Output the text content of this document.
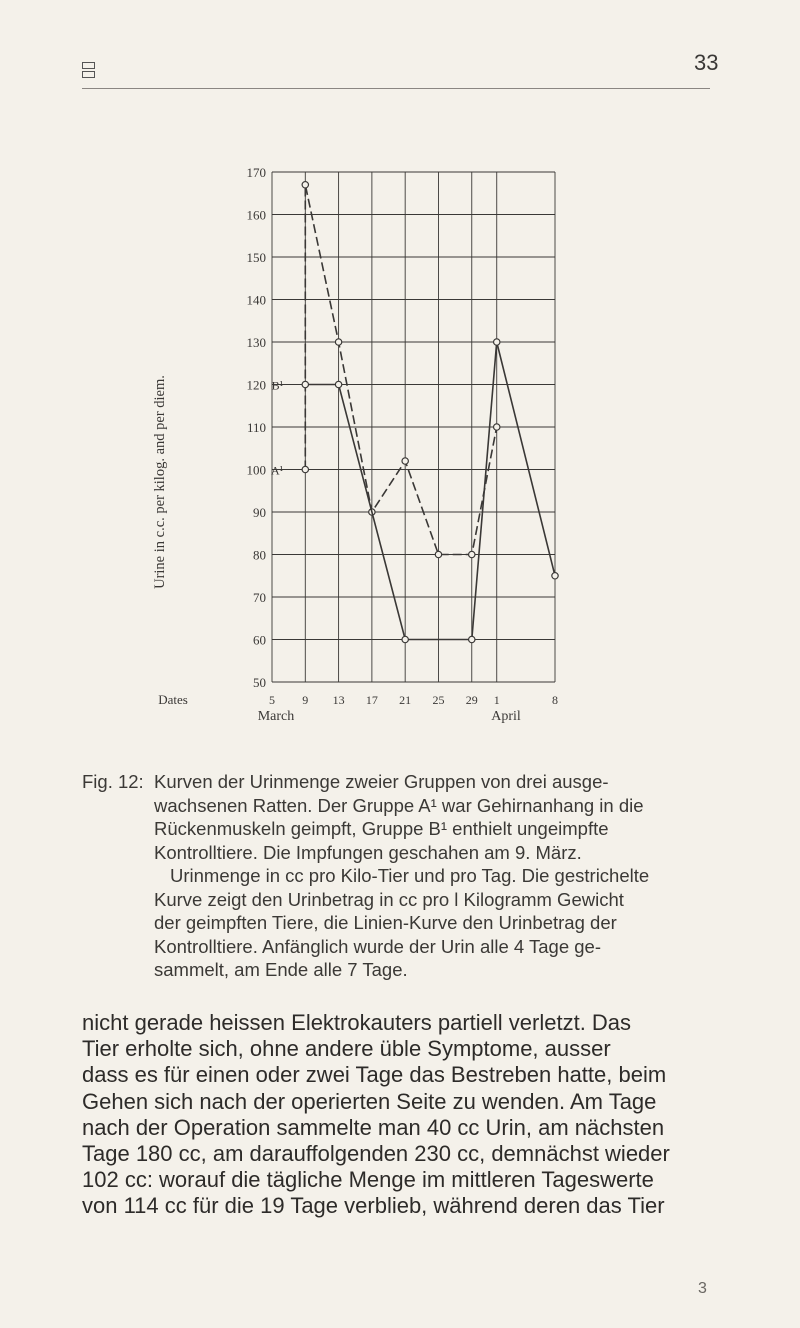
33
50
60
70
80
90
100
110
120
130
140
150
160
170
5 9 13 17 21 25 29 1	8
A¹
B¹
Urine in c.c. per kilog. and per diem.
Dates
March	April
Fig. 12: Kurven der Urinmenge zweier Gruppen von drei ausge-

wachsenen Ratten. Der Gruppe A¹ war Gehirnanhang in die

Rückenmuskeln geimpft, Gruppe B¹ enthielt ungeimpfte

Kontrolltiere. Die Impfungen geschahen am 9. März.

Urinmenge in cc pro Kilo-Tier und pro Tag. Die gestrichelte

Kurve zeigt den Urinbetrag in cc pro l Kilogramm Gewicht

der geimpften Tiere, die Linien-Kurve den Urinbetrag der

Kontrolltiere. Anfänglich wurde der Urin alle 4 Tage ge-

sammelt, am Ende alle 7 Tage.

nicht gerade heissen Elektrokauters partiell verletzt. Das

Tier erholte sich, ohne andere üble Symptome, ausser

dass es für einen oder zwei Tage das Bestreben hatte, beim

Gehen sich nach der operierten Seite zu wenden. Am Tage

nach der Operation sammelte man 40 cc Urin, am nächsten

Tage 180 cc, am darauffolgenden 230 cc, demnächst wieder

102 cc: worauf die tägliche Menge im mittleren Tageswerte

von 114 cc für die 19 Tage verblieb, während deren das Tier

3
